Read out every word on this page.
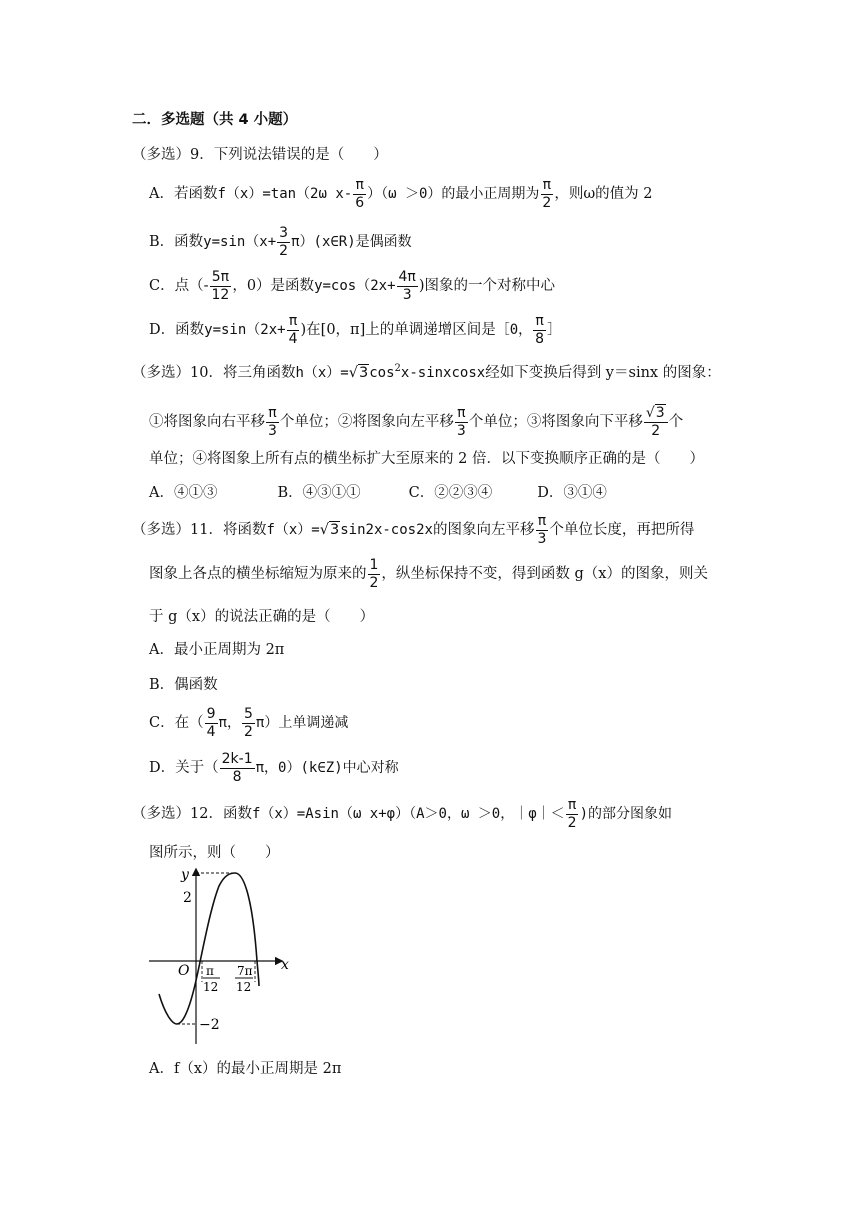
二．多选题（共 4 小题）
（多选）9．下列说法错误的是（　　）
A．若函数f（x）=tan（2ω $x- \frac{\pi}{6} )(\omega >0)$的最小正周期为 $\frac{\pi}{2}$ ，则ω的值为 2
B．函数$y=\sin(x+ \frac{3}{2}$ π）(x∈R)是偶函数
C．点（- $\frac{5\pi}{12}$ ，0）是函数$y=\cos(2x+ \frac{4\pi}{3}$ )图象的一个对称中心
D．函数$y=\sin(2x+ \frac{\pi}{4}$ )在[0，π]上的单调递增区间是［0， $\frac{\pi}{8}$ ］
（多选）10．将三角函数$h(x)=√3\cos^2x$-sinxcosx经如下变换后得到 y＝sinx 的图象：
①将图象向右平移 $\frac{\pi}{3}$ 个单位；②将图象向左平移 $\frac{\pi}{3}$ 个单位；③将图象向下平移 $\frac{√3}{2}$ 个
单位；④将图象上所有点的横坐标扩大至原来的 2 倍．以下变换顺序正确的是（　　）
A．④①③	B．④③①①	C．②②③④	D．③①④
（多选）11．将函数f（x）=√3sin2x-cos2x的图象向左平移 $\frac{\pi}{3}$ 个单位长度，再把所得
图象上各点的横坐标缩短为原来的 $\frac{1}{2}$ ，纵坐标保持不变，得到函数 g（x）的图象，则关
于 g（x）的说法正确的是（　　）
A．最小正周期为 2π
B．偶函数
C．在（ $\frac{9}{4}$ π， $\frac{5}{2} \pi$）上单调递减
D．关于（ $\frac{2k-1}{8}$ π，0）(k∈Z)中心对称
（多选）12．函数f（x）=Asin（ω x+φ）（A＞0，ω ＞0，｜φ｜＜ $\frac{\pi}{2}$ )的部分图象如
图所示，则（　　）
y
x
O
2
−2
π
12
7π
12
A．f（x）的最小正周期是 2π
